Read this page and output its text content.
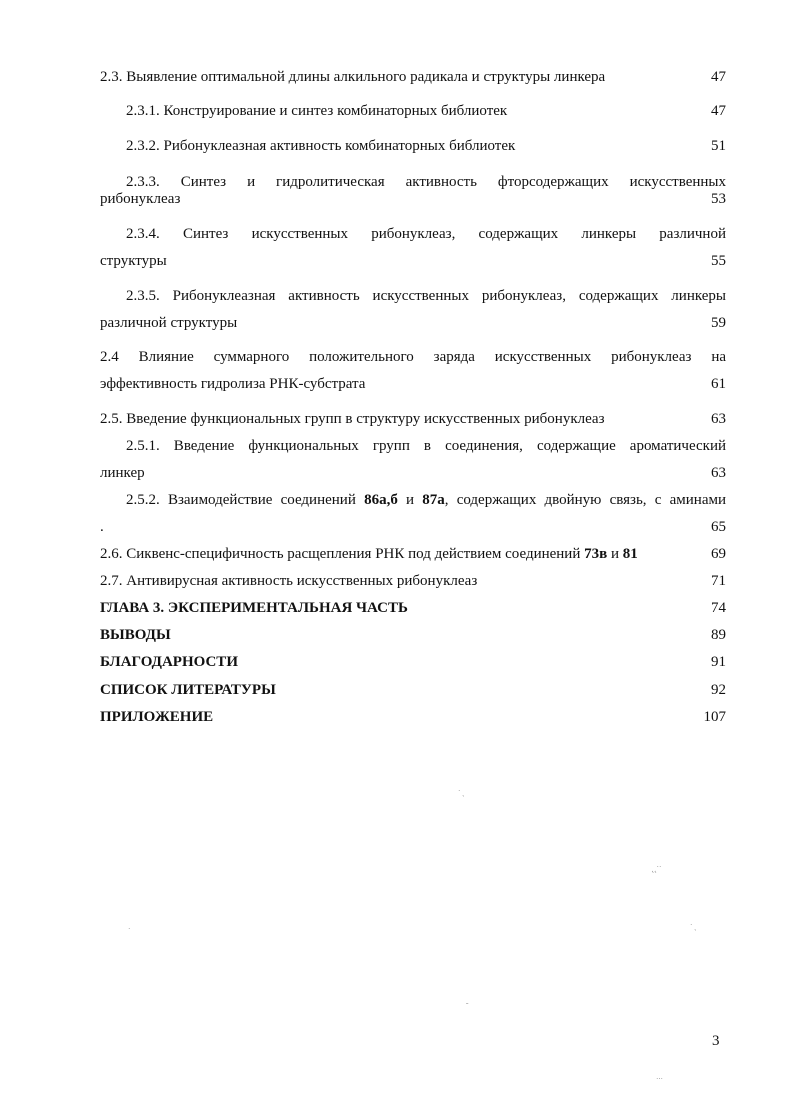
2.3. Выявление оптимальной длины алкильного радикала и структуры линкера	47
2.3.1. Конструирование и синтез комбинаторных библиотек	47
2.3.2. Рибонуклеазная активность комбинаторных библиотек	51
2.3.3. Синтез и гидролитическая активность фторсодержащих искусственных
рибонуклеаз	53
2.3.4. Синтез искусственных рибонуклеаз, содержащих линкеры различной
структуры	55
2.3.5. Рибонуклеазная активность искусственных рибонуклеаз, содержащих линкеры
различной структуры	59
2.4 Влияние суммарного положительного заряда искусственных рибонуклеаз на
эффективность гидролиза РНК-субстрата	61
2.5. Введение функциональных групп в структуру искусственных рибонуклеаз	63
2.5.1. Введение функциональных групп в соединения, содержащие ароматический
линкер	63
2.5.2. Взаимодействие соединений 86а,б и 87а, содержащих двойную связь, с аминами
.	65
2.6. Сиквенс-специфичность расщепления РНК под действием соединений 73в и 81	69
2.7. Антивирусная активность искусственных рибонуклеаз	71
ГЛАВА 3. ЭКСПЕРИМЕНТАЛЬНАЯ ЧАСТЬ	74
ВЫВОДЫ	89
БЛАГОДАРНОСТИ	91
СПИСОК ЛИТЕРАТУРЫ	92
ПРИЛОЖЕНИЕ	107
˙ ˎ
˛˛˙˙
˙ ˎ
˙
˗
˙˙˙
3
